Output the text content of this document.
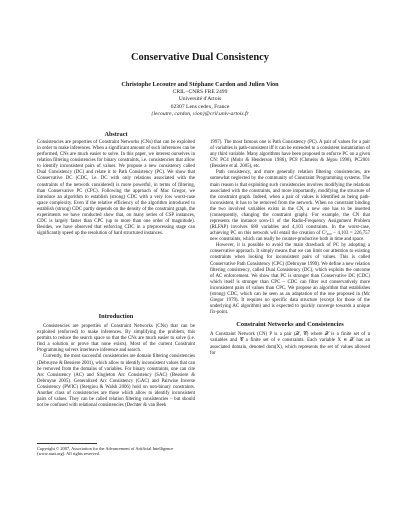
Conservative Dual Consistency
Christophe Lecoutre and Stéphane Cardon and Julien Vion
CRIL−CNRS FRE 2499
Université d'Artois
62307 Lens cedex, France
{lecoutre, cardon, vion}@cril.univ-artois.fr
Abstract
Consistencies are properties of Constraint Networks (CNs) that can be exploited in order to make inferences. When a significant amount of such inferences can be performed, CNs are much easier to solve. In this paper, we interest ourselves in relation filtering consistencies for binary constraints, i.e. consistencies that allow to identify inconsistent pairs of values. We propose a new consistency called Dual Consistency (DC) and relate it to Path Consistency (PC). We show that Conservative DC (CDC, i.e. DC with only relations associated with the constraints of the network considered) is more powerful, in terms of filtering, than Conservative PC (CPC). Following the approach of Mac Gregor, we introduce an algorithm to establish (strong) CDC with a very low worst-case space complexity. Even if the relative efficiency of the algorithm introduced to establish (strong) CDC partly depends on the density of the constraint graph, the experiments we have conducted show that, on many series of CSP instances, CDC is largely faster than CPC (up to more than one order of magnitude). Besides, we have observed that enforcing CDC in a preprocessing stage can significantly speed up the resolution of hard structured instances.
Introduction

Consistencies are properties of Constraint Networks (CNs) that can be exploited (enforced) to make inferences. By simplifying the problem, this permits to reduce the search space so that the CNs are much easier to solve (i.e. find a solution or prove that none exists). Most of the current Constraint Programming solvers interleave inference and search.

Currently, the most successful consistencies are domain filtering consistencies (Debruyne & Bessiere 2001), which allow to identify inconsistent values that can be removed from the domains of variables. For binary constraints, one can cite Arc Consistency (AC) and Singleton Arc Consistency (SAC) (Bessiere & Debruyne 2005). Generalized Arc Consistency (GAC) and Pairwise Inverse Consistency (PWIC) (Stergiou & Walsh 2006) hold on non-binary constraints. Another class of consistencies are those which allow to identify inconsistent pairs of values. They can be called relation filtering consistencies – but should not be confused with relational consistencies (Dechter & van Beek

Copyright © 2007, Association for the Advancement of Artificial Intelligence (www.aaai.org). All rights reserved.

1997). The most famous one is Path Consistency (PC). A pair of values for a pair of variables is path-consistent iff it can be extended to a consistent instantiation of any third variable. Many algorithms have been proposed to enforce PC on a given CN: PC4 (Mohr & Henderson 1986), PC8 (Chmeiss & Jégou 1998), PC2001 (Bessiere et al. 2005), etc.

Path consistency, and more generally relation filtering consistencies, are somewhat neglected by the community of Constraint Programming systems. The main reason is that exploiting such consistencies involves modifying the relations associated with the constraints, and more importantly, modifying the structure of the constraint graph. Indeed, when a pair of values is identified as being path-inconsistent, it has to be removed from the network. When no constraint binding the two involved variables exists in the CN, a new one has to be inserted (consequently, changing the constraint graph). For example, the CN that represents the instance scen-11 of the Radio-Frequency Assignment Problem (RLFAP) involves 680 variables and 4,103 constraints. In the worst-case, achieving PC on this network will entail the creation of C²₆₈₀ − 4,103 = 226,757 new constraints, which can really be counter-productive both in time and space.

However, it is possible to avoid the main drawback of PC by adopting a conservative approach. It simply means that we can limit our attention to existing constraints when looking for inconsistent pairs of values. This is called Conservative Path Consistency (CPC) (Debruyne 1999). We define a new relation filtering consistency, called Dual Consistency (DC), which exploits the outcome of AC enforcement. We show that PC is stronger than Conservative DC (CDC) which itself is stronger than CPC – CDC can filter out conservatively more inconsistent pairs of values than CPC. We propose an algorithm that establishes (strong) CDC, which can be seen as an adaptation of the one proposed in (Mc Gregor 1979). It requires no specific data structure (except for those of the underlying AC algorithm) and is expected to quickly converge towards a unique fix-point.

Constraint Networks and Consistencies

A Constraint Network (CN) P is a pair (𝒳, 𝒞) where 𝒳 is a finite set of n variables and 𝒞 a finite set of e constraints. Each variable X ∈ 𝒳 has an associated domain, denoted dom(X), which represents the set of values allowed for
